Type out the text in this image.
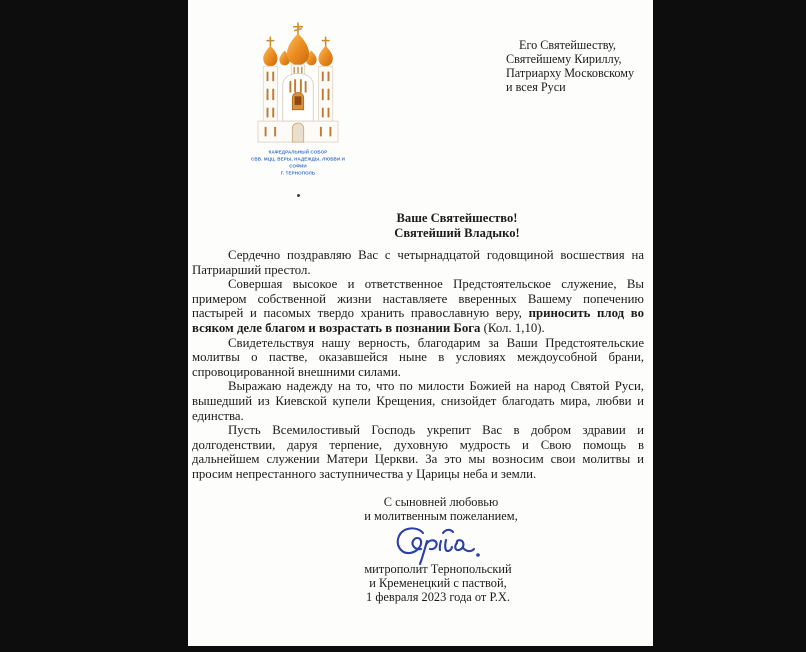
КАФЕДРАЛЬНЫЙ СОБОР
СВВ. МЦЦ. ВЕРЫ, НАДЕЖДЫ, ЛЮБВИ И СОФИИ
Г. ТЕРНОПОЛЬ
Его Святейшеству,
Святейшему Кириллу,
Патриарху Московскому
и всея Руси
Ваше Святейшество!
Святейший Владыко!

Сердечно поздравляю Вас с четырнадцатой годовщиной восшествия на Патриарший престол.

Совершая высокое и ответственное Предстоятельское служение, Вы примером собственной жизни наставляете вверенных Вашему попечению пастырей и пасомых твердо хранить православную веру, приносить плод во всяком деле благом и возрастать в познании Бога (Кол. 1,10).

Свидетельствуя нашу верность, благодарим за Ваши Предстоятельские молитвы о пастве, оказавшейся ныне в условиях междоусобной брани, спровоцированной внешними силами.

Выражаю надежду на то, что по милости Божией на народ Святой Руси, вышедший из Киевской купели Крещения, снизойдет благодать мира, любви и единства.

Пусть Всемилостивый Господь укрепит Вас в добром здравии и долгоденствии, даруя терпение, духовную мудрость и Свою помощь в дальнейшем служении Матери Церкви. За это мы возносим свои молитвы и просим непрестанного заступничества у Царицы неба и земли.

С сыновней любовью
и молитвенным пожеланием,
митрополит Тернопольский
и Кременецкий с паствой,
1 февраля 2023 года от Р.Х.
